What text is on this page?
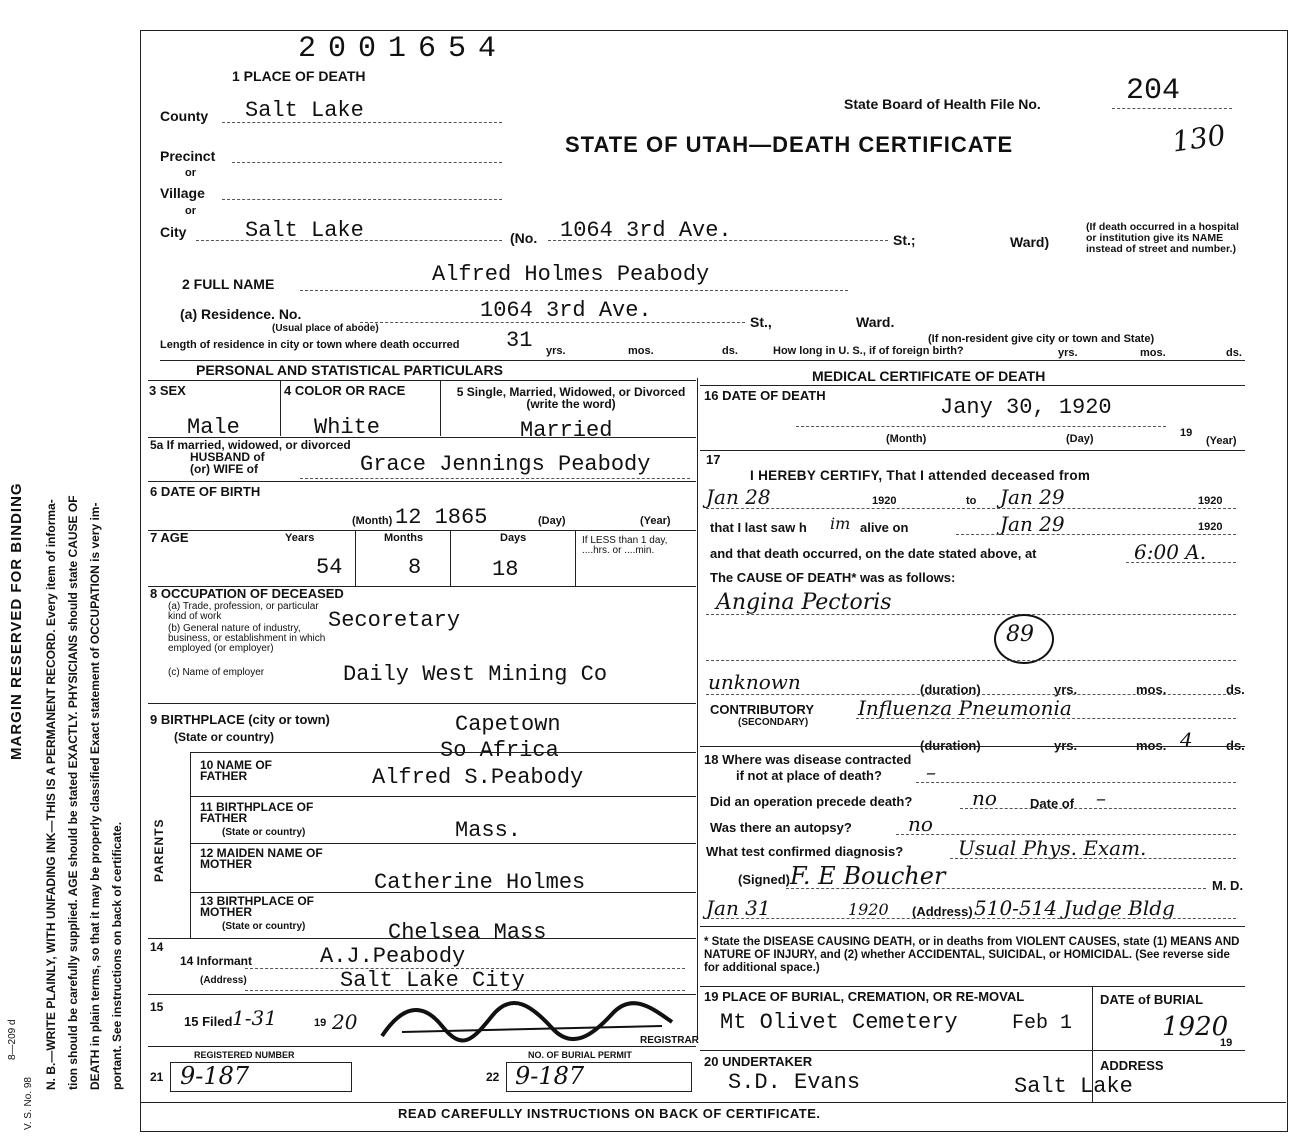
MARGIN RESERVED FOR BINDING N. B.—WRITE PLAINLY, WITH UNFADING INK—THIS IS A PERMANENT RECORD. Every item of informa- tion should be carefully supplied. AGE should be stated EXACTLY. PHYSICIANS should state CAUSE OF DEATH in plain terms, so that it may be properly classified Exact statement of OCCUPATION is very im- portant. See instructions on back of certificate.
V. S. No. 98
8—209 d
2001654
1 PLACE OF DEATH
State Board of Health File No.	204
130
STATE OF UTAH—DEATH CERTIFICATE
County Salt Lake
Precinct
or
Village
or
City	Salt Lake	(No. 1064 3rd Ave.	St.;	Ward)
(If death occurred in a hospital or institution give its NAME instead of street and number.)
2 FULL NAME	Alfred Holmes Peabody
(a) Residence. No.
(Usual place of abode)
1064 3rd Ave.	St.,	Ward.
(If non-resident give city or town and State)
Length of residence in city or town where death occurred 31 yrs.	mos.	ds.	How long in U. S., if of foreign birth?	yrs.	mos.	ds.
PERSONAL AND STATISTICAL PARTICULARS	MEDICAL CERTIFICATE OF DEATH
3 SEX
Male
4 COLOR OR RACE
White
5 Single, Married, Widowed, or Divorced (write the word)
Married
5a If married, widowed, or divorced
HUSBAND of
(or) WIFE of	Grace Jennings Peabody
6 DATE OF BIRTH
12 1865
(Month)	(Day)	(Year)
7 AGE	Years	Months	Days
54	8	18
If LESS than 1 day, ....hrs. or ....min.
8 OCCUPATION OF DECEASED
(a) Trade, profession, or particular kind of work	Secoretary
(b) General nature of industry, business, or establishment in which employed (or employer)
(c) Name of employer	Daily West Mining Co
9 BIRTHPLACE (city or town)
(State or country)	Capetown
So Africa
PARENTS
10 NAME OF FATHER	Alfred S.Peabody
11 BIRTHPLACE OF FATHER
(State or country)	Mass.
12 MAIDEN NAME OF MOTHER
Catherine Holmes
13 BIRTHPLACE OF MOTHER
(State or country)	Chelsea Mass
14
14 Informant	A.J.Peabody
(Address)	Salt Lake City
15
15 Filed 1-31	19 20
REGISTRAR
REGISTERED NUMBER	NO. OF BURIAL PERMIT
21 9-187	22 9-187
16 DATE OF DEATH	Jany 30, 1920
(Month)	(Day)	19
(Year)
17
I HEREBY CERTIFY, That I attended deceased from
Jan 28	1920	to Jan 29	1920
that I last saw h im alive on	Jan 29	1920
and that death occurred, on the date stated above, at	6:00 A.
The CAUSE OF DEATH* was as follows:
Angina Pectoris
89
unknown	(duration)	yrs.	mos.	ds.
CONTRIBUTORY
(SECONDARY)
Influenza Pneumonia
(duration)	yrs.	mos. 4	ds.
18 Where was disease contracted
if not at place of death? –
Did an operation precede death?	no	Date of –
Was there an autopsy?	no
What test confirmed diagnosis?	Usual Phys. Exam.
(Signed) F. E Boucher	M. D.
Jan 31	1920 (Address) 510-514 Judge Bldg
* State the DISEASE CAUSING DEATH, or in deaths from VIOLENT CAUSES, state (1) MEANS AND NATURE OF INJURY, and (2) whether ACCIDENTAL, SUICIDAL, or HOMICIDAL. (See reverse side for additional space.)
19 PLACE OF BURIAL, CREMATION, OR RE-MOVAL
Mt Olivet Cemetery
DATE of BURIAL
Feb 1	1920
19
20 UNDERTAKER
S.D. Evans	Salt Lake
ADDRESS
READ CAREFULLY INSTRUCTIONS ON BACK OF CERTIFICATE.
